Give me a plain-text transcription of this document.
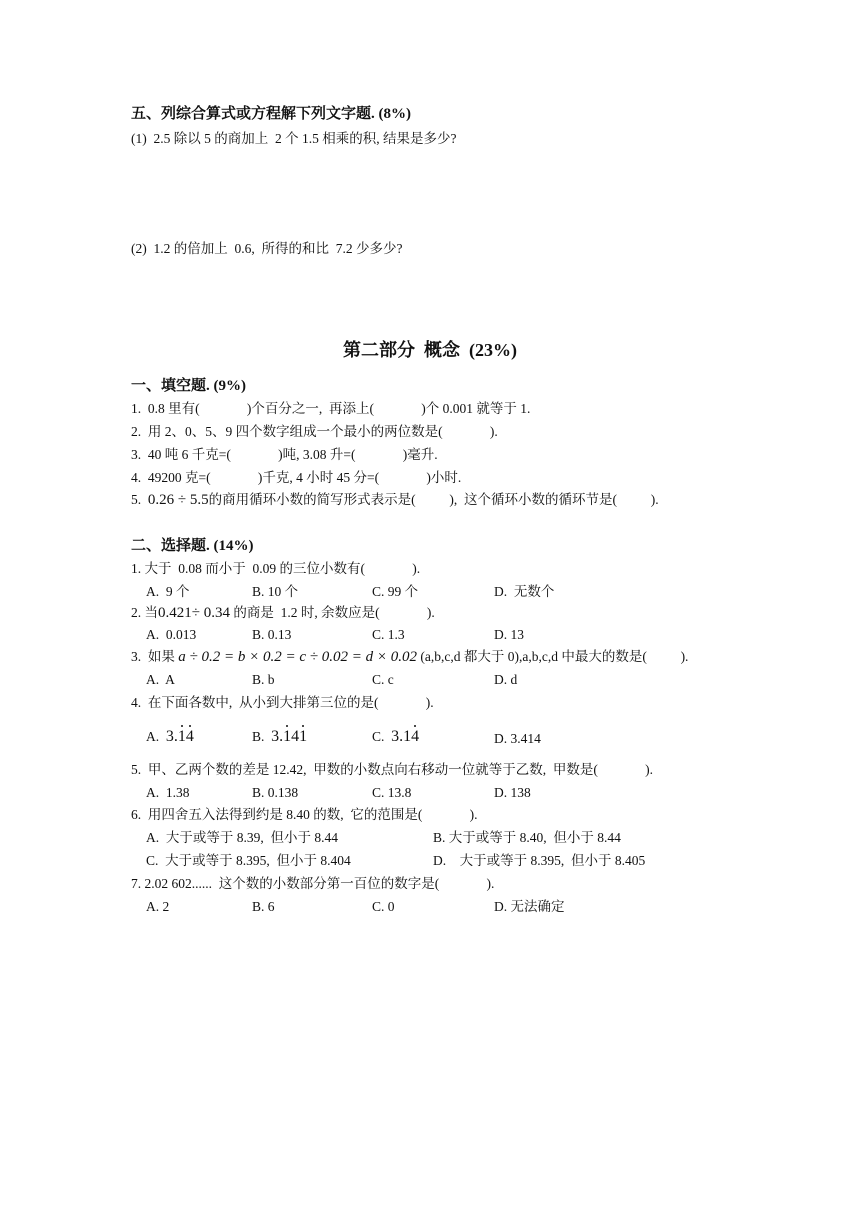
五、列综合算式或方程解下列文字题. (8%)
(1)  2.5 除以 5 的商加上  2 个 1.5 相乘的积, 结果是多少?
(2)  1.2 的倍加上  0.6,  所得的和比  7.2 少多少?
第二部分  概念  (23%)
一、填空题. (9%)
1.  0.8 里有(              )个百分之一,  再添上(              )个 0.001 就等于 1.
2.  用 2、0、5、9 四个数字组成一个最小的两位数是(              ).
3.  40 吨 6 千克=(              )吨, 3.08 升=(              )毫升.
4.  49200 克=(              )千克, 4 小时 45 分=(              )小时.
5.  0.26 ÷ 5.5的商用循环小数的简写形式表示是(          ),  这个循环小数的循环节是(          ).
二、选择题. (14%)
1. 大于  0.08 而小于  0.09 的三位小数有(              ).
A.  9 个	B. 10 个	C. 99 个	D.  无数个
2. 当0.421÷ 0.34 的商是  1.2 时, 余数应是(              ).
A.  0.013	B. 0.13	C. 1.3	D. 13
3.  如果 a ÷ 0.2 = b × 0.2 = c ÷ 0.02 = d × 0.02 (a,b,c,d 都大于 0),a,b,c,d 中最大的数是(          ).
A.  A	B. b	C. c	D. d
4.  在下面各数中,  从小到大排第三位的是(              ).
A. 3.14	B. 3.141	C. 3.14	D. 3.414
5.  甲、乙两个数的差是 12.42,  甲数的小数点向右移动一位就等于乙数,  甲数是(              ).
A.  1.38	B. 0.138	C. 13.8	D. 138
6.  用四舍五入法得到约是 8.40 的数,  它的范围是(              ).
A.  大于或等于 8.39,  但小于 8.44	B. 大于或等于 8.40,  但小于 8.44
C.  大于或等于 8.395,  但小于 8.404	D.    大于或等于 8.395,  但小于 8.405
7. 2.02 602......  这个数的小数部分第一百位的数字是(              ).
A. 2	B. 6	C. 0	D. 无法确定
